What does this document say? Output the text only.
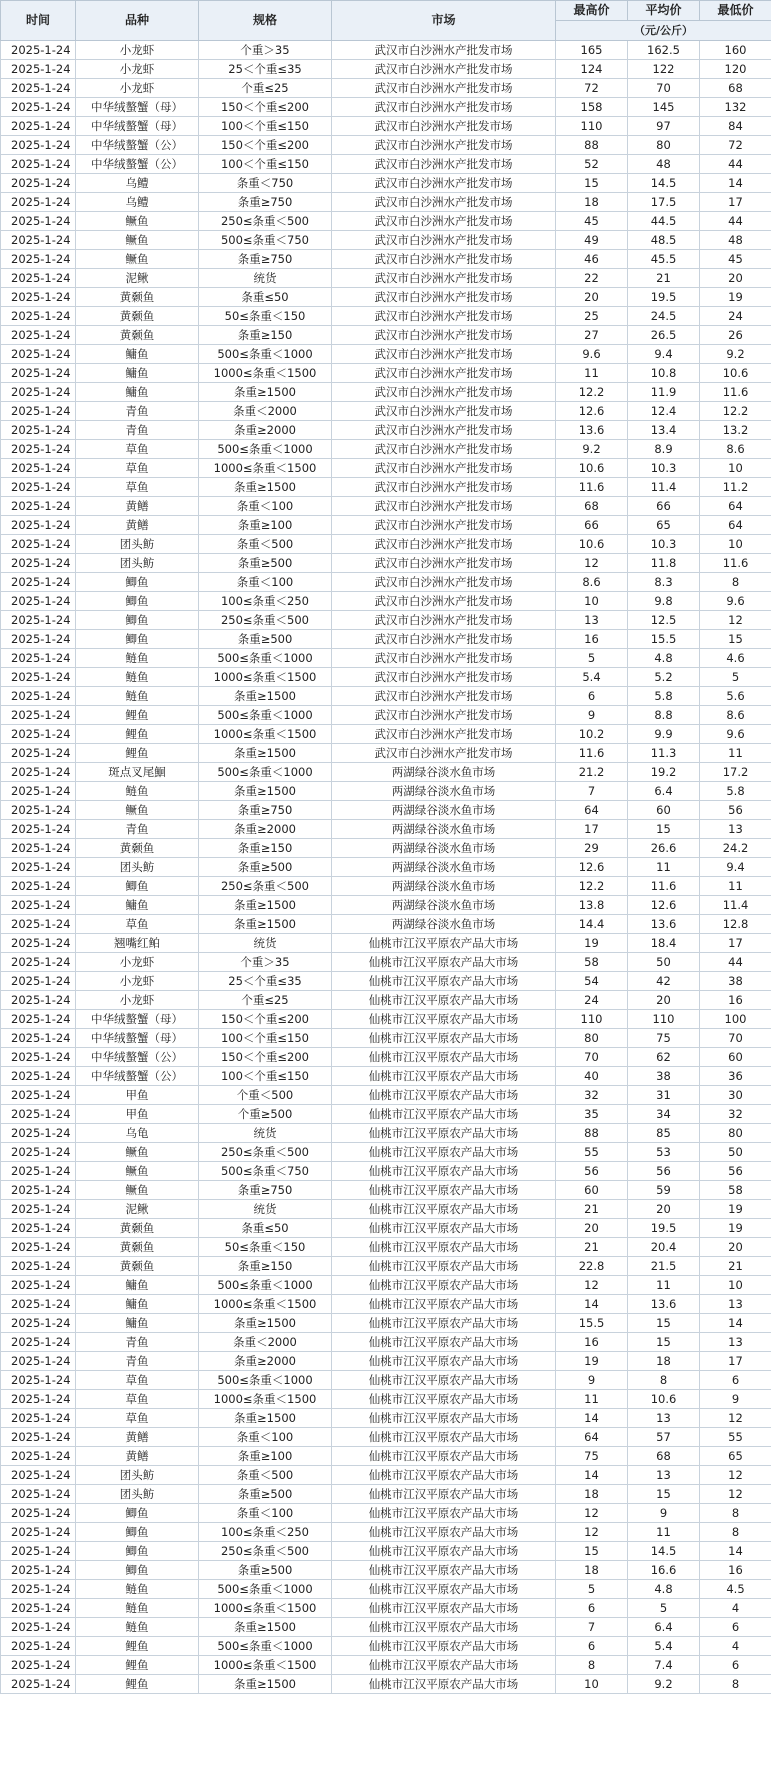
时间	品种	规格	市场	最高价	平均价	最低价
				（元/公斤）		
2025-1-24	小龙虾	个重＞35	武汉市白沙洲水产批发市场	165	162.5	160
2025-1-24	小龙虾	25＜个重≤35	武汉市白沙洲水产批发市场	124	122	120
2025-1-24	小龙虾	个重≤25	武汉市白沙洲水产批发市场	72	70	68
2025-1-24	中华绒螯蟹（母）	150＜个重≤200	武汉市白沙洲水产批发市场	158	145	132
2025-1-24	中华绒螯蟹（母）	100＜个重≤150	武汉市白沙洲水产批发市场	110	97	84
2025-1-24	中华绒螯蟹（公）	150＜个重≤200	武汉市白沙洲水产批发市场	88	80	72
2025-1-24	中华绒螯蟹（公）	100＜个重≤150	武汉市白沙洲水产批发市场	52	48	44
2025-1-24	乌鳢	条重＜750	武汉市白沙洲水产批发市场	15	14.5	14
2025-1-24	乌鳢	条重≥750	武汉市白沙洲水产批发市场	18	17.5	17
2025-1-24	鳜鱼	250≤条重＜500	武汉市白沙洲水产批发市场	45	44.5	44
2025-1-24	鳜鱼	500≤条重＜750	武汉市白沙洲水产批发市场	49	48.5	48
2025-1-24	鳜鱼	条重≥750	武汉市白沙洲水产批发市场	46	45.5	45
2025-1-24	泥鳅	统货	武汉市白沙洲水产批发市场	22	21	20
2025-1-24	黄颡鱼	条重≤50	武汉市白沙洲水产批发市场	20	19.5	19
2025-1-24	黄颡鱼	50≤条重＜150	武汉市白沙洲水产批发市场	25	24.5	24
2025-1-24	黄颡鱼	条重≥150	武汉市白沙洲水产批发市场	27	26.5	26
2025-1-24	鳙鱼	500≤条重＜1000	武汉市白沙洲水产批发市场	9.6	9.4	9.2
2025-1-24	鳙鱼	1000≤条重＜1500	武汉市白沙洲水产批发市场	11	10.8	10.6
2025-1-24	鳙鱼	条重≥1500	武汉市白沙洲水产批发市场	12.2	11.9	11.6
2025-1-24	青鱼	条重＜2000	武汉市白沙洲水产批发市场	12.6	12.4	12.2
2025-1-24	青鱼	条重≥2000	武汉市白沙洲水产批发市场	13.6	13.4	13.2
2025-1-24	草鱼	500≤条重＜1000	武汉市白沙洲水产批发市场	9.2	8.9	8.6
2025-1-24	草鱼	1000≤条重＜1500	武汉市白沙洲水产批发市场	10.6	10.3	10
2025-1-24	草鱼	条重≥1500	武汉市白沙洲水产批发市场	11.6	11.4	11.2
2025-1-24	黄鳝	条重＜100	武汉市白沙洲水产批发市场	68	66	64
2025-1-24	黄鳝	条重≥100	武汉市白沙洲水产批发市场	66	65	64
2025-1-24	团头鲂	条重＜500	武汉市白沙洲水产批发市场	10.6	10.3	10
2025-1-24	团头鲂	条重≥500	武汉市白沙洲水产批发市场	12	11.8	11.6
2025-1-24	鲫鱼	条重＜100	武汉市白沙洲水产批发市场	8.6	8.3	8
2025-1-24	鲫鱼	100≤条重＜250	武汉市白沙洲水产批发市场	10	9.8	9.6
2025-1-24	鲫鱼	250≤条重＜500	武汉市白沙洲水产批发市场	13	12.5	12
2025-1-24	鲫鱼	条重≥500	武汉市白沙洲水产批发市场	16	15.5	15
2025-1-24	鲢鱼	500≤条重＜1000	武汉市白沙洲水产批发市场	5	4.8	4.6
2025-1-24	鲢鱼	1000≤条重＜1500	武汉市白沙洲水产批发市场	5.4	5.2	5
2025-1-24	鲢鱼	条重≥1500	武汉市白沙洲水产批发市场	6	5.8	5.6
2025-1-24	鲤鱼	500≤条重＜1000	武汉市白沙洲水产批发市场	9	8.8	8.6
2025-1-24	鲤鱼	1000≤条重＜1500	武汉市白沙洲水产批发市场	10.2	9.9	9.6
2025-1-24	鲤鱼	条重≥1500	武汉市白沙洲水产批发市场	11.6	11.3	11
2025-1-24	斑点叉尾鮰	500≤条重＜1000	两湖绿谷淡水鱼市场	21.2	19.2	17.2
2025-1-24	鲢鱼	条重≥1500	两湖绿谷淡水鱼市场	7	6.4	5.8
2025-1-24	鳜鱼	条重≥750	两湖绿谷淡水鱼市场	64	60	56
2025-1-24	青鱼	条重≥2000	两湖绿谷淡水鱼市场	17	15	13
2025-1-24	黄颡鱼	条重≥150	两湖绿谷淡水鱼市场	29	26.6	24.2
2025-1-24	团头鲂	条重≥500	两湖绿谷淡水鱼市场	12.6	11	9.4
2025-1-24	鲫鱼	250≤条重＜500	两湖绿谷淡水鱼市场	12.2	11.6	11
2025-1-24	鳙鱼	条重≥1500	两湖绿谷淡水鱼市场	13.8	12.6	11.4
2025-1-24	草鱼	条重≥1500	两湖绿谷淡水鱼市场	14.4	13.6	12.8
2025-1-24	翘嘴红鲌	统货	仙桃市江汉平原农产品大市场	19	18.4	17
2025-1-24	小龙虾	个重＞35	仙桃市江汉平原农产品大市场	58	50	44
2025-1-24	小龙虾	25＜个重≤35	仙桃市江汉平原农产品大市场	54	42	38
2025-1-24	小龙虾	个重≤25	仙桃市江汉平原农产品大市场	24	20	16
2025-1-24	中华绒螯蟹（母）	150＜个重≤200	仙桃市江汉平原农产品大市场	110	110	100
2025-1-24	中华绒螯蟹（母）	100＜个重≤150	仙桃市江汉平原农产品大市场	80	75	70
2025-1-24	中华绒螯蟹（公）	150＜个重≤200	仙桃市江汉平原农产品大市场	70	62	60
2025-1-24	中华绒螯蟹（公）	100＜个重≤150	仙桃市江汉平原农产品大市场	40	38	36
2025-1-24	甲鱼	个重＜500	仙桃市江汉平原农产品大市场	32	31	30
2025-1-24	甲鱼	个重≥500	仙桃市江汉平原农产品大市场	35	34	32
2025-1-24	乌龟	统货	仙桃市江汉平原农产品大市场	88	85	80
2025-1-24	鳜鱼	250≤条重＜500	仙桃市江汉平原农产品大市场	55	53	50
2025-1-24	鳜鱼	500≤条重＜750	仙桃市江汉平原农产品大市场	56	56	56
2025-1-24	鳜鱼	条重≥750	仙桃市江汉平原农产品大市场	60	59	58
2025-1-24	泥鳅	统货	仙桃市江汉平原农产品大市场	21	20	19
2025-1-24	黄颡鱼	条重≤50	仙桃市江汉平原农产品大市场	20	19.5	19
2025-1-24	黄颡鱼	50≤条重＜150	仙桃市江汉平原农产品大市场	21	20.4	20
2025-1-24	黄颡鱼	条重≥150	仙桃市江汉平原农产品大市场	22.8	21.5	21
2025-1-24	鳙鱼	500≤条重＜1000	仙桃市江汉平原农产品大市场	12	11	10
2025-1-24	鳙鱼	1000≤条重＜1500	仙桃市江汉平原农产品大市场	14	13.6	13
2025-1-24	鳙鱼	条重≥1500	仙桃市江汉平原农产品大市场	15.5	15	14
2025-1-24	青鱼	条重＜2000	仙桃市江汉平原农产品大市场	16	15	13
2025-1-24	青鱼	条重≥2000	仙桃市江汉平原农产品大市场	19	18	17
2025-1-24	草鱼	500≤条重＜1000	仙桃市江汉平原农产品大市场	9	8	6
2025-1-24	草鱼	1000≤条重＜1500	仙桃市江汉平原农产品大市场	11	10.6	9
2025-1-24	草鱼	条重≥1500	仙桃市江汉平原农产品大市场	14	13	12
2025-1-24	黄鳝	条重＜100	仙桃市江汉平原农产品大市场	64	57	55
2025-1-24	黄鳝	条重≥100	仙桃市江汉平原农产品大市场	75	68	65
2025-1-24	团头鲂	条重＜500	仙桃市江汉平原农产品大市场	14	13	12
2025-1-24	团头鲂	条重≥500	仙桃市江汉平原农产品大市场	18	15	12
2025-1-24	鲫鱼	条重＜100	仙桃市江汉平原农产品大市场	12	9	8
2025-1-24	鲫鱼	100≤条重＜250	仙桃市江汉平原农产品大市场	12	11	8
2025-1-24	鲫鱼	250≤条重＜500	仙桃市江汉平原农产品大市场	15	14.5	14
2025-1-24	鲫鱼	条重≥500	仙桃市江汉平原农产品大市场	18	16.6	16
2025-1-24	鲢鱼	500≤条重＜1000	仙桃市江汉平原农产品大市场	5	4.8	4.5
2025-1-24	鲢鱼	1000≤条重＜1500	仙桃市江汉平原农产品大市场	6	5	4
2025-1-24	鲢鱼	条重≥1500	仙桃市江汉平原农产品大市场	7	6.4	6
2025-1-24	鲤鱼	500≤条重＜1000	仙桃市江汉平原农产品大市场	6	5.4	4
2025-1-24	鲤鱼	1000≤条重＜1500	仙桃市江汉平原农产品大市场	8	7.4	6
2025-1-24	鲤鱼	条重≥1500	仙桃市江汉平原农产品大市场	10	9.2	8
